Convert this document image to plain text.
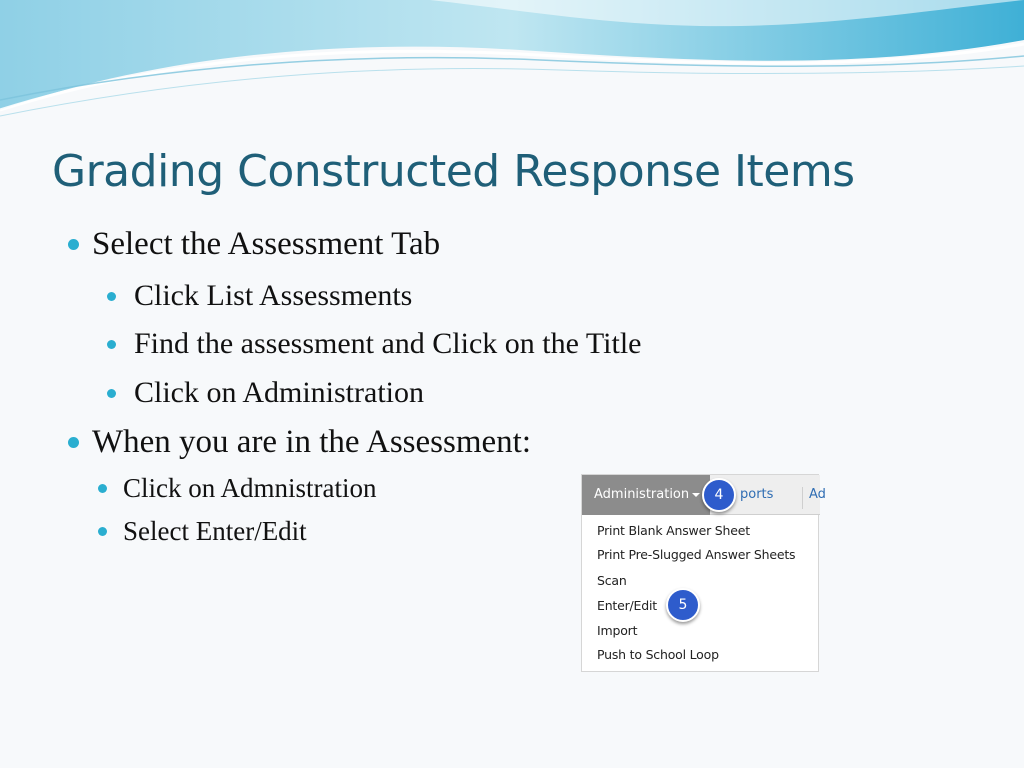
Grading Constructed Response Items
Select the Assessment Tab
Click List Assessments
Find the assessment and Click on the Title
Click on Administration
When you are in the Assessment:
Click on Admnistration
Select Enter/Edit
Administration	ports	Ad
Print Blank Answer Sheet
Print Pre-Slugged Answer Sheets
Scan
Enter/Edit
Import
Push to School Loop
4
5
